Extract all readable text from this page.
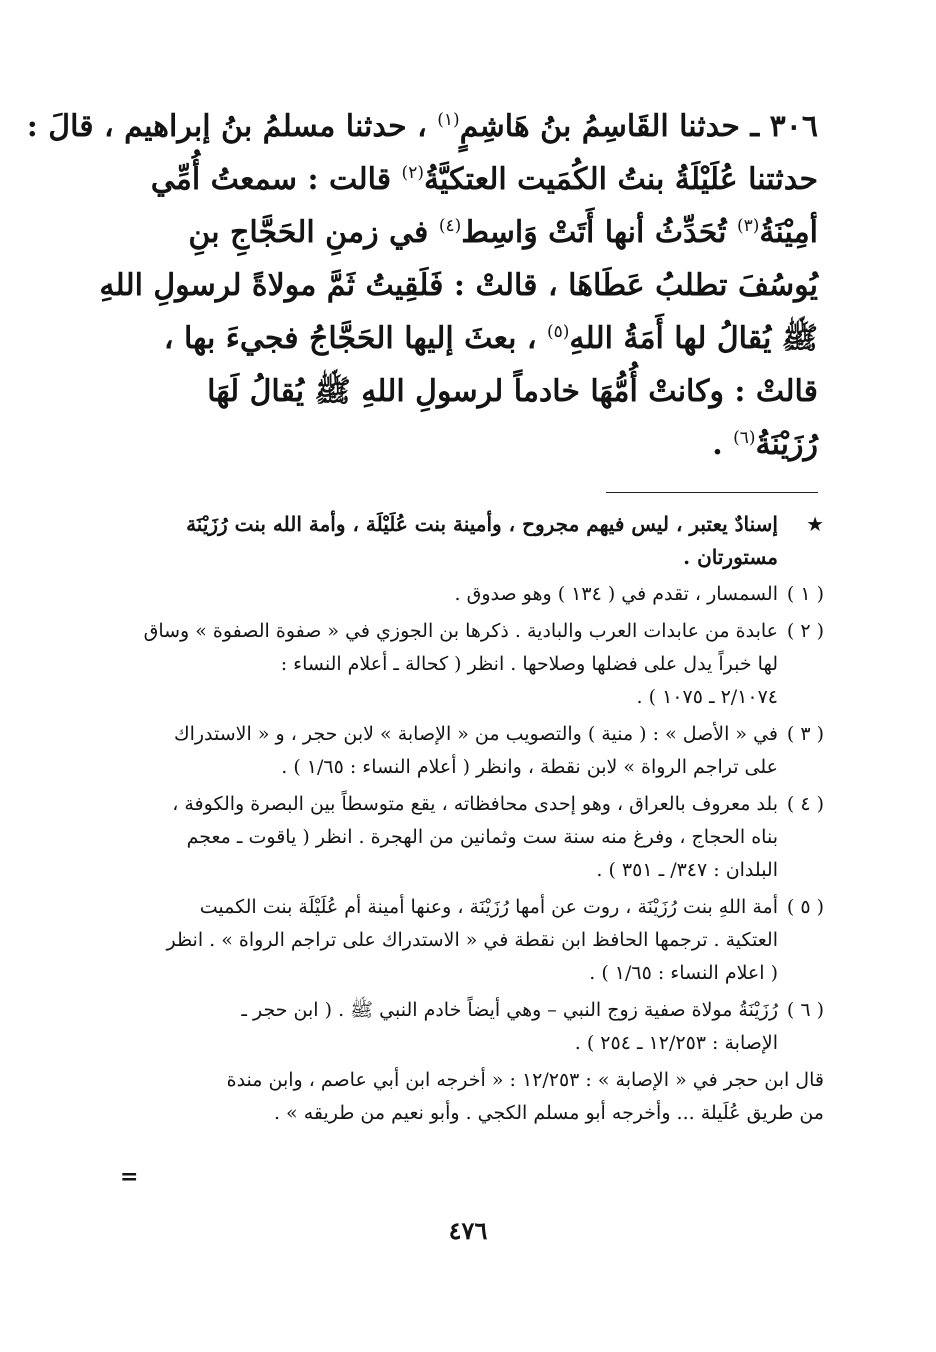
٣٠٦ ـ حدثنا القَاسِمُ بنُ هَاشِمٍ$^{(١)}$ ، حدثنا مسلمُ بنُ إبراهيم ، قالَ :
حدثتنا عُلَيْلَةُ بنتُ الكُمَيت العتكيَّةُ$^{(٢)}$ قالت : سمعتُ أُمِّي
أمِيْنَةُ$^{(٣)}$ تُحَدِّثُ أنها أَتَتْ وَاسِط$^{(٤)}$ في زمنِ الحَجَّاجِ بنِ
يُوسُفَ تطلبُ عَطَاهَا ، قالتْ : فَلَقِيتُ ثَمَّ مولاةً لرسولِ اللهِ
ﷺ يُقالُ لها أَمَةُ اللهِ$^{(٥)}$ ، بعثَ إليها الحَجَّاجُ فجيءَ بها ،
قالتْ : وكانتْ أُمُّهَا خادماً لرسولِ اللهِ ﷺ يُقالُ لَهَا
رُزَيْنَةُ$^{(٦)}$ .
★
إسنادٌ يعتبر ، ليس فيهم مجروح ، وأمينة بنت عُلَيْلَة ، وأمة الله بنت رُزَيْنَة
مستورتان .
( ١ )
السمسار ، تقدم في ( ١٣٤ ) وهو صدوق .
( ٢ )
عابدة من عابدات العرب والبادية . ذكرها بن الجوزي في « صفوة الصفوة » وساق
لها خبراً يدل على فضلها وصلاحها . انظر ( كحالة ـ أعلام النساء :
٢/١٠٧٤ ـ ١٠٧٥ ) .
( ٣ )
في « الأصل » : ( منية ) والتصويب من « الإصابة » لابن حجر ، و « الاستدراك
على تراجم الرواة » لابن نقطة ، وانظر ( أعلام النساء : ١/٦٥ ) .
( ٤ )
بلد معروف بالعراق ، وهو إحدى محافظاته ، يقع متوسطاً بين البصرة والكوفة ،
بناه الحجاج ، وفرغ منه سنة ست وثمانين من الهجرة . انظر ( ياقوت ـ معجم
البلدان : ٣٤٧/ ـ ٣٥١ ) .
( ٥ )
أمة اللهِ بنت رُزَيْنَة ، روت عن أمها رُزَيْنَة ، وعنها أمينة أم عُلَيْلَة بنت الكميت
العتكية . ترجمها الحافظ ابن نقطة في « الاستدراك على تراجم الرواة » . انظر
( اعلام النساء : ١/٦٥ ) .
( ٦ )
رُزَيْنَةُ مولاة صفية زوج النبي – وهي أيضاً خادم النبي ﷺ . ( ابن حجر ـ
الإصابة : ١٢/٢٥٣ ـ ٢٥٤ ) .
قال ابن حجر في « الإصابة » : ١٢/٢٥٣ : « أخرجه ابن أبي عاصم ، وابن مندة
من طريق عُلَيلة ... وأخرجه أبو مسلم الكجي . وأبو نعيم من طريقه » .
=
٤٧٦
